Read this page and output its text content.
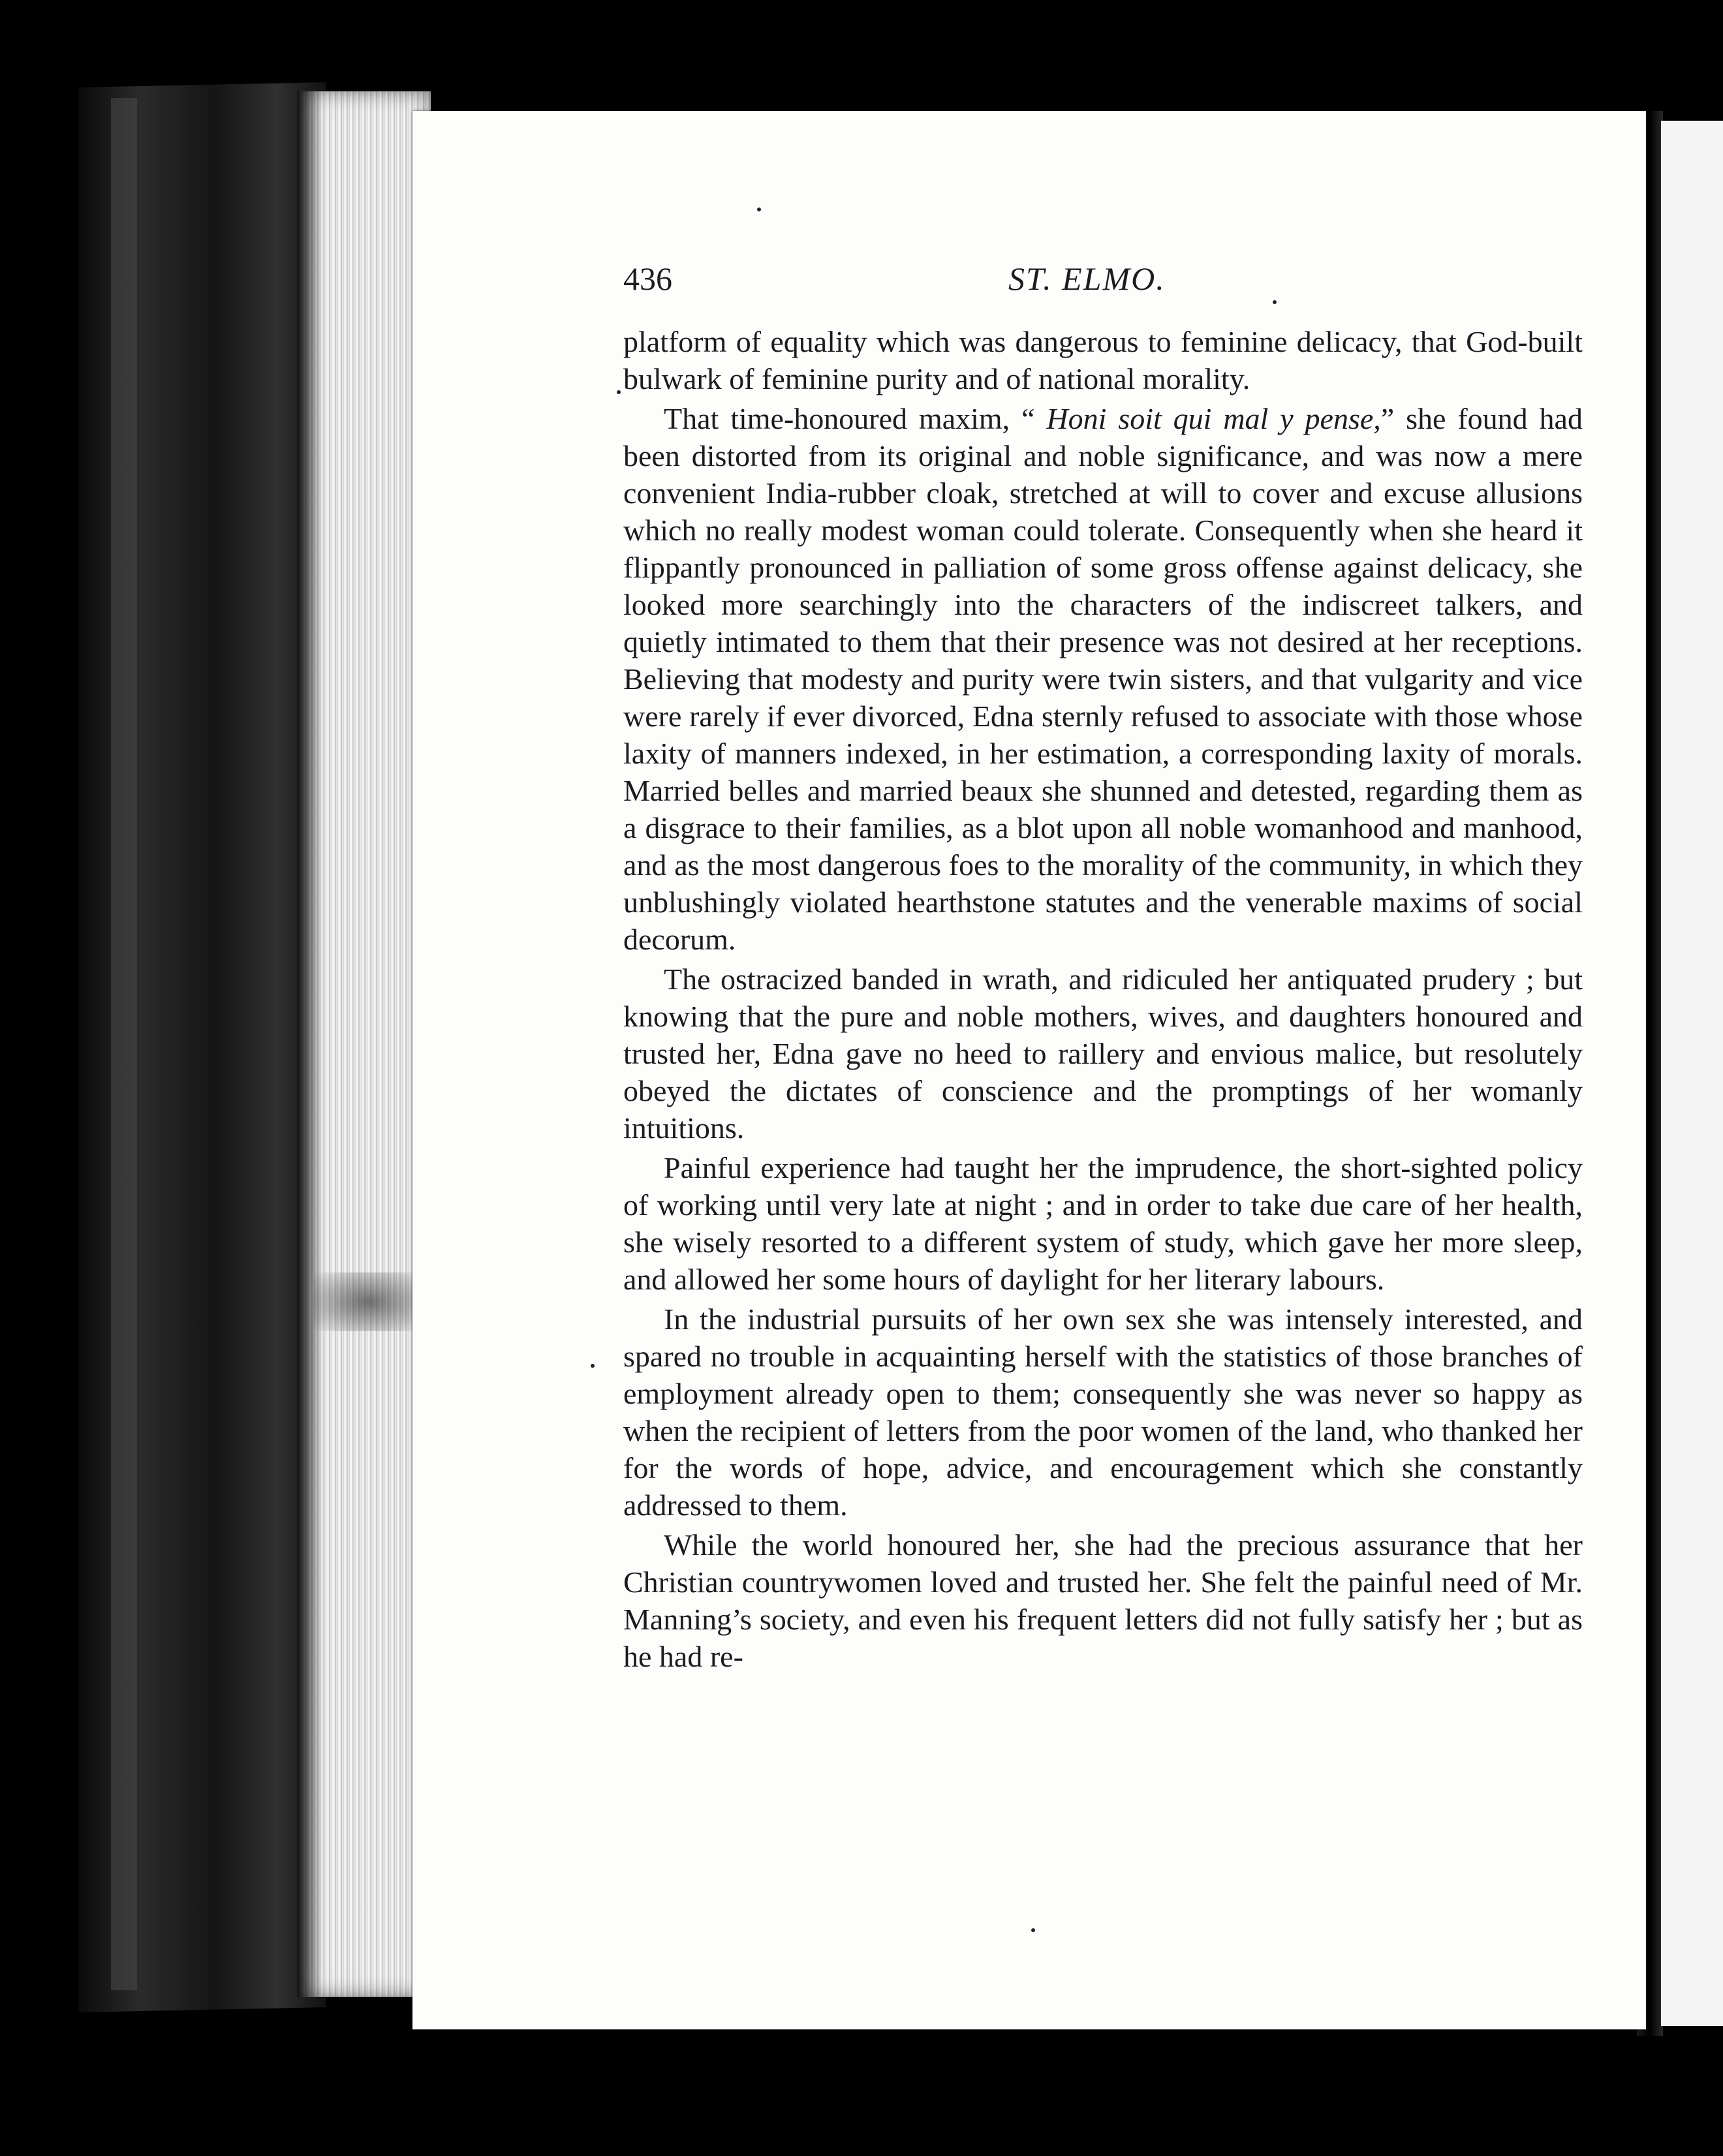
436	ST. ELMO.

platform of equality which was dangerous to feminine delicacy, that God-built bulwark of feminine purity and of national morality.

That time-honoured maxim, “ Honi soit qui mal y pense,” she found had been distorted from its original and noble significance, and was now a mere convenient India-rubber cloak, stretched at will to cover and excuse allusions which no really modest woman could tolerate. Consequently when she heard it flippantly pronounced in palliation of some gross offense against delicacy, she looked more searchingly into the characters of the indiscreet talkers, and quietly intimated to them that their presence was not desired at her receptions. Believing that modesty and purity were twin sisters, and that vulgarity and vice were rarely if ever divorced, Edna sternly refused to associate with those whose laxity of manners indexed, in her estimation, a corresponding laxity of morals. Married belles and married beaux she shunned and detested, regarding them as a disgrace to their families, as a blot upon all noble womanhood and manhood, and as the most dangerous foes to the morality of the community, in which they unblushingly violated hearthstone statutes and the venerable maxims of social decorum.

The ostracized banded in wrath, and ridiculed her antiquated prudery ; but knowing that the pure and noble mothers, wives, and daughters honoured and trusted her, Edna gave no heed to raillery and envious malice, but resolutely obeyed the dictates of conscience and the promptings of her womanly intuitions.

Painful experience had taught her the imprudence, the short-sighted policy of working until very late at night ; and in order to take due care of her health, she wisely resorted to a different system of study, which gave her more sleep, and allowed her some hours of daylight for her literary labours.

In the industrial pursuits of her own sex she was intensely interested, and spared no trouble in acquainting herself with the statistics of those branches of employment already open to them; consequently she was never so happy as when the recipient of letters from the poor women of the land, who thanked her for the words of hope, advice, and encouragement which she constantly addressed to them.

While the world honoured her, she had the precious assurance that her Christian countrywomen loved and trusted her. She felt the painful need of Mr. Manning’s society, and even his frequent letters did not fully satisfy her ; but as he had re-
